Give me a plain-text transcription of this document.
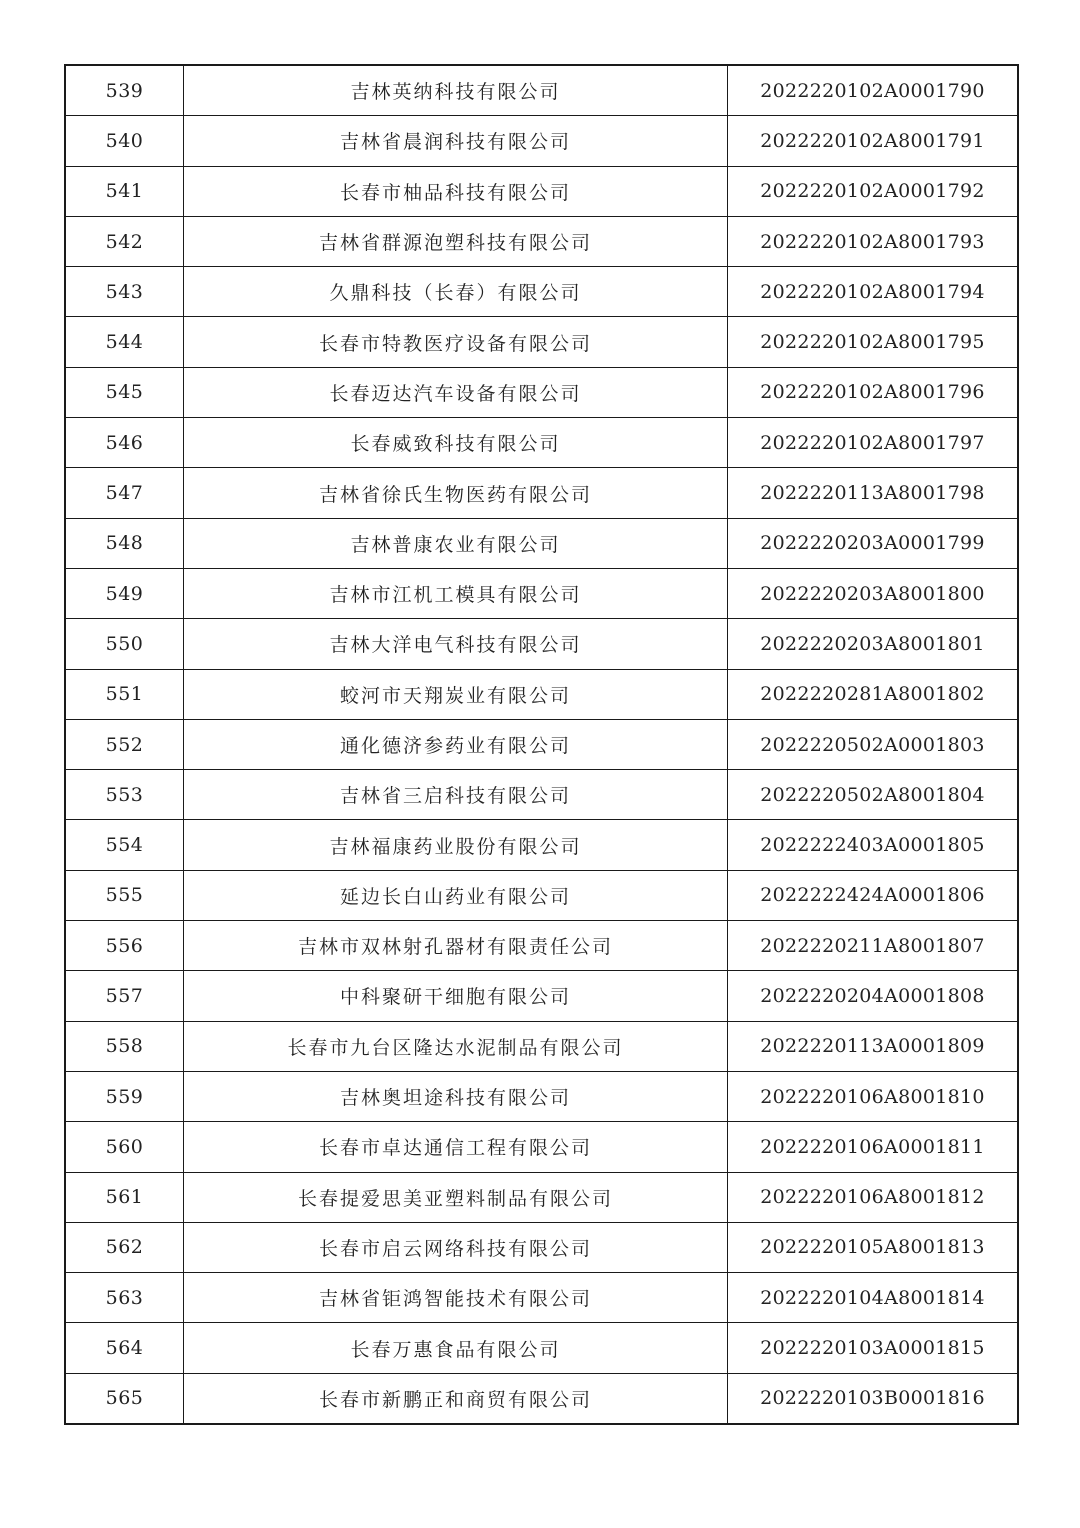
539	吉林英纳科技有限公司	2022220102A0001790
540	吉林省晨润科技有限公司	2022220102A8001791
541	长春市柚品科技有限公司	2022220102A0001792
542	吉林省群源泡塑科技有限公司	2022220102A8001793
543	久鼎科技（长春）有限公司	2022220102A8001794
544	长春市特教医疗设备有限公司	2022220102A8001795
545	长春迈达汽车设备有限公司	2022220102A8001796
546	长春威致科技有限公司	2022220102A8001797
547	吉林省徐氏生物医药有限公司	2022220113A8001798
548	吉林普康农业有限公司	2022220203A0001799
549	吉林市江机工模具有限公司	2022220203A8001800
550	吉林大洋电气科技有限公司	2022220203A8001801
551	蛟河市天翔炭业有限公司	2022220281A8001802
552	通化德济参药业有限公司	2022220502A0001803
553	吉林省三启科技有限公司	2022220502A8001804
554	吉林福康药业股份有限公司	2022222403A0001805
555	延边长白山药业有限公司	2022222424A0001806
556	吉林市双林射孔器材有限责任公司	2022220211A8001807
557	中科聚研干细胞有限公司	2022220204A0001808
558	长春市九台区隆达水泥制品有限公司	2022220113A0001809
559	吉林奥坦途科技有限公司	2022220106A8001810
560	长春市卓达通信工程有限公司	2022220106A0001811
561	长春提爱思美亚塑料制品有限公司	2022220106A8001812
562	长春市启云网络科技有限公司	2022220105A8001813
563	吉林省钜鸿智能技术有限公司	2022220104A8001814
564	长春万惠食品有限公司	2022220103A0001815
565	长春市新鹏正和商贸有限公司	2022220103B0001816
